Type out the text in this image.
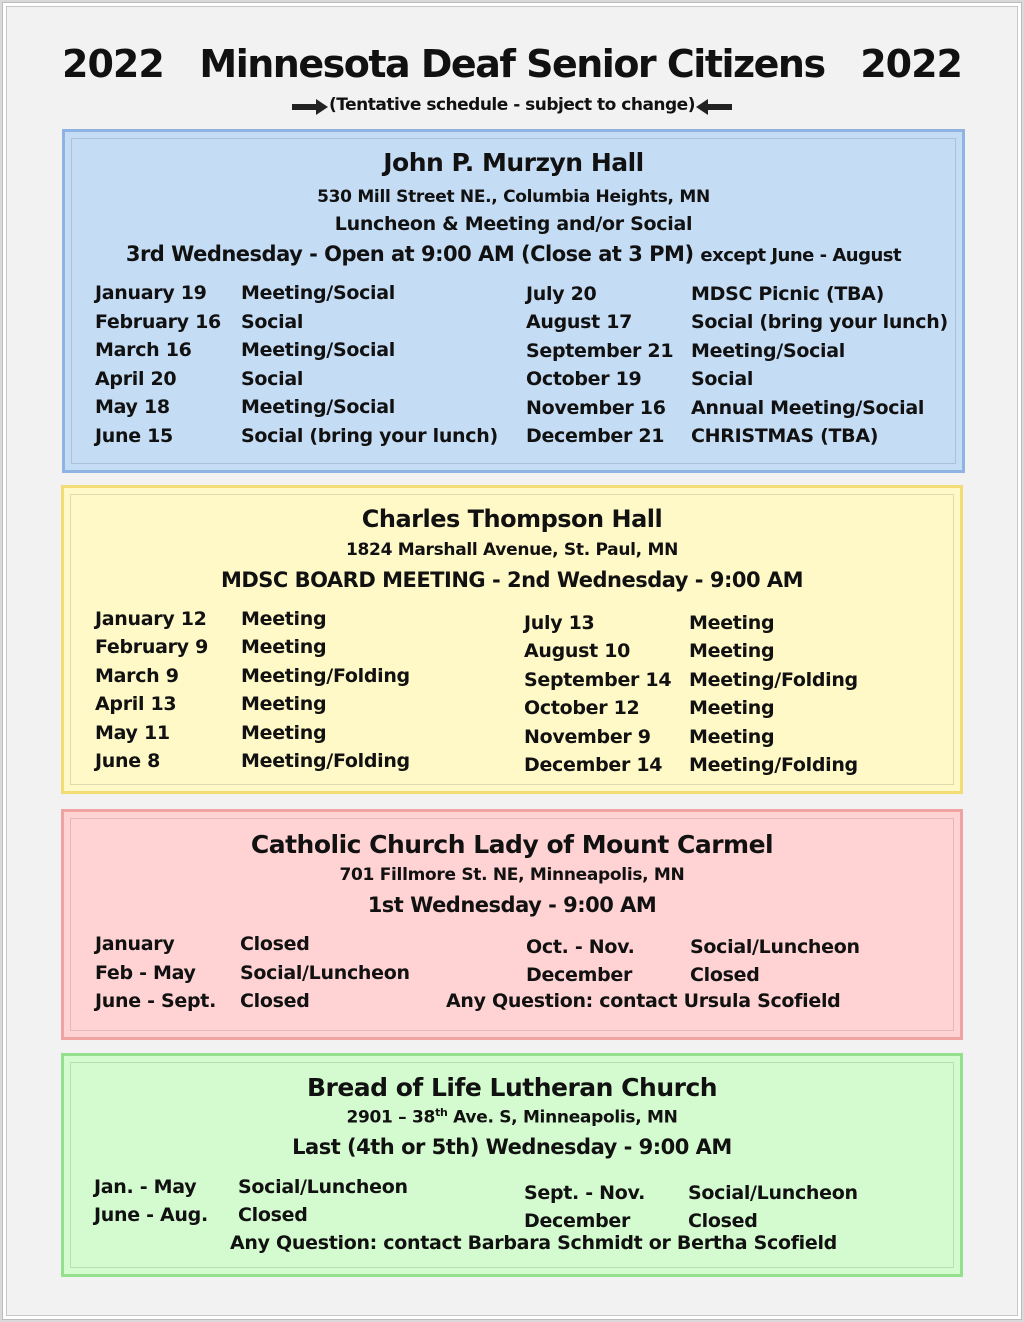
2022 Minnesota Deaf Senior Citizens 2022
(Tentative schedule - subject to change)
John P. Murzyn Hall
530 Mill Street NE., Columbia Heights, MN
Luncheon & Meeting and/or Social
3rd Wednesday - Open at 9:00 AM (Close at 3 PM) except June - August
January 19 Meeting/Social
February 16 Social
March 16	Meeting/Social
April 20	Social
May 18	Meeting/Social
June 15	Social (bring your lunch)
July 20	MDSC Picnic (TBA)
August 17	Social (bring your lunch)
September 21 Meeting/Social
October 19	Social
November 16 Annual Meeting/Social
December 21 CHRISTMAS (TBA)
Charles Thompson Hall
1824 Marshall Avenue, St. Paul, MN
MDSC BOARD MEETING - 2nd Wednesday - 9:00 AM
January 12 Meeting
February 9 Meeting
March 9	Meeting/Folding
April 13	Meeting
May 11	Meeting
June 8	Meeting/Folding
July 13	Meeting
August 10	Meeting
September 14 Meeting/Folding
October 12	Meeting
November 9 Meeting
December 14 Meeting/Folding
Catholic Church Lady of Mount Carmel
701 Fillmore St. NE, Minneapolis, MN
1st Wednesday - 9:00 AM
January	Closed
Feb - May Social/Luncheon
June - Sept. Closed
Oct. - Nov.	Social/Luncheon
December	Closed
Any Question: contact Ursula Scofield
Bread of Life Lutheran Church
2901 – 38th Ave. S, Minneapolis, MN
Last (4th or 5th) Wednesday - 9:00 AM
Jan. - May Social/Luncheon
June - Aug. Closed
Sept. - Nov. Social/Luncheon
December	Closed
Any Question: contact Barbara Schmidt or Bertha Scofield
